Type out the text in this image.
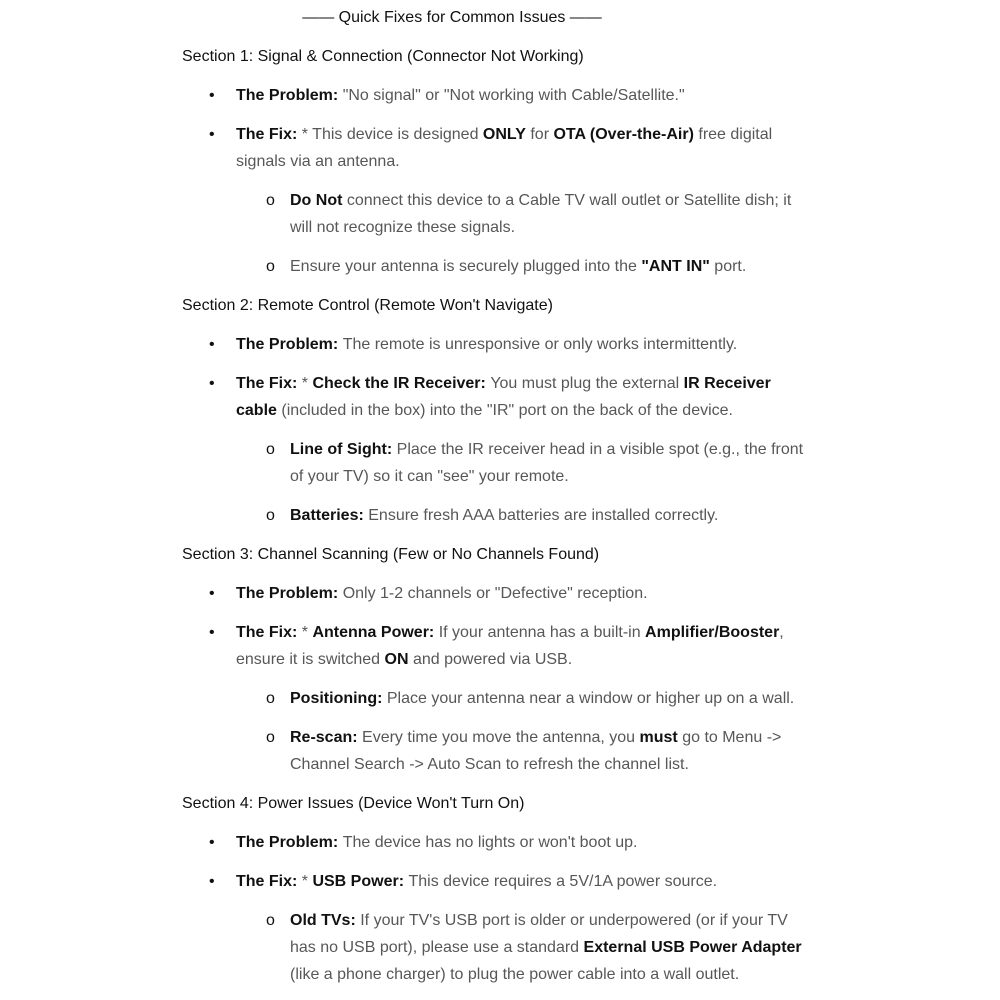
—— Quick Fixes for Common Issues ——
Section 1: Signal & Connection (Connector Not Working)
• The Problem: "No signal" or "Not working with Cable/Satellite."
• The Fix: * This device is designed ONLY for OTA (Over-the-Air) free digital signals via an antenna.
o Do Not connect this device to a Cable TV wall outlet or Satellite dish; it will not recognize these signals.
o Ensure your antenna is securely plugged into the "ANT IN" port.
Section 2: Remote Control (Remote Won't Navigate)
• The Problem: The remote is unresponsive or only works intermittently.
• The Fix: * Check the IR Receiver: You must plug the external IR Receiver cable (included in the box) into the "IR" port on the back of the device.
o Line of Sight: Place the IR receiver head in a visible spot (e.g., the front of your TV) so it can "see" your remote.
o Batteries: Ensure fresh AAA batteries are installed correctly.
Section 3: Channel Scanning (Few or No Channels Found)
• The Problem: Only 1-2 channels or "Defective" reception.
• The Fix: * Antenna Power: If your antenna has a built-in Amplifier/Booster, ensure it is switched ON and powered via USB.
o Positioning: Place your antenna near a window or higher up on a wall.
o Re-scan: Every time you move the antenna, you must go to Menu -> Channel Search -> Auto Scan to refresh the channel list.
Section 4: Power Issues (Device Won't Turn On)
• The Problem: The device has no lights or won't boot up.
• The Fix: * USB Power: This device requires a 5V/1A power source.
o Old TVs: If your TV's USB port is older or underpowered (or if your TV has no USB port), please use a standard External USB Power Adapter (like a phone charger) to plug the power cable into a wall outlet.
